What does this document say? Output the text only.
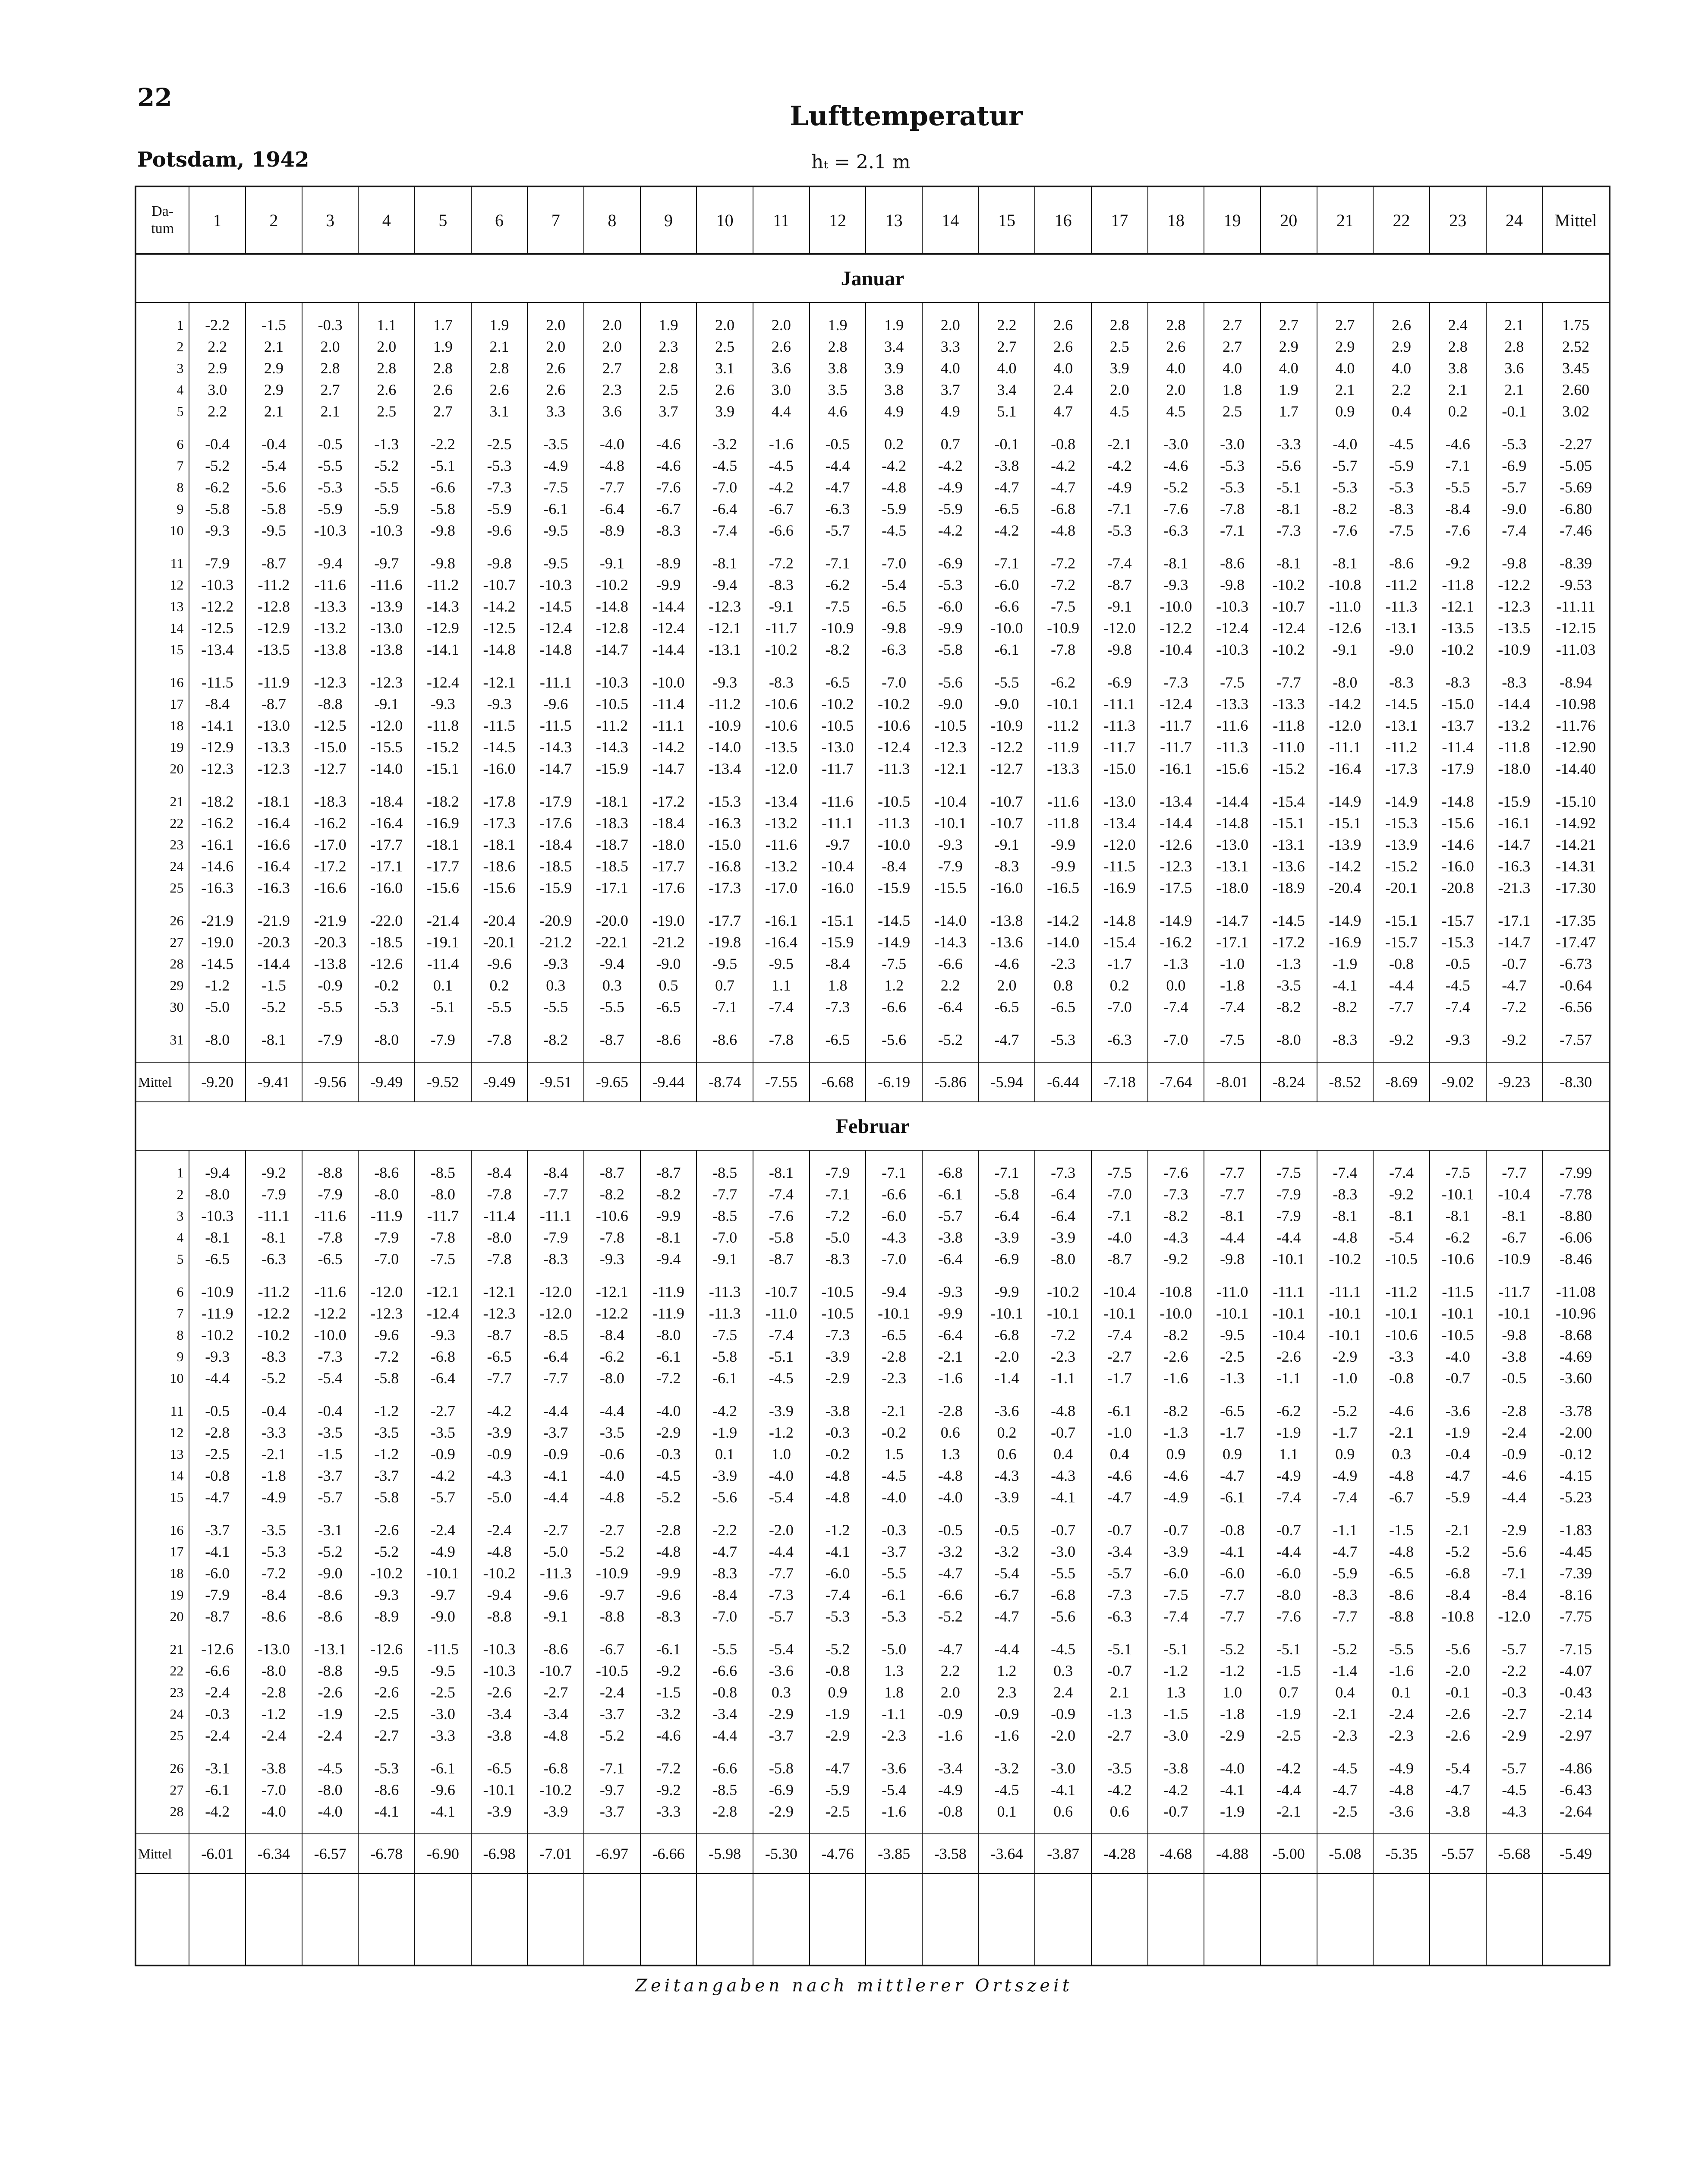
22
Lufttemperatur
Potsdam, 1942	hₜ = 2.1 m
Da-
tum	1	2	3	4	5	6	7	8	9	10	11	12	13	14	15	16	17	18	19	20	21	22	23	24	Mittel
Januar																									

1	-2.2	-1.5	-0.3	1.1	1.7	1.9	2.0	2.0	1.9	2.0	2.0	1.9	1.9	2.0	2.2	2.6	2.8	2.8	2.7	2.7	2.7	2.6	2.4	2.1	1.75
2	2.2	2.1	2.0	2.0	1.9	2.1	2.0	2.0	2.3	2.5	2.6	2.8	3.4	3.3	2.7	2.6	2.5	2.6	2.7	2.9	2.9	2.9	2.8	2.8	2.52
3	2.9	2.9	2.8	2.8	2.8	2.8	2.6	2.7	2.8	3.1	3.6	3.8	3.9	4.0	4.0	4.0	3.9	4.0	4.0	4.0	4.0	4.0	3.8	3.6	3.45
4	3.0	2.9	2.7	2.6	2.6	2.6	2.6	2.3	2.5	2.6	3.0	3.5	3.8	3.7	3.4	2.4	2.0	2.0	1.8	1.9	2.1	2.2	2.1	2.1	2.60
5	2.2	2.1	2.1	2.5	2.7	3.1	3.3	3.6	3.7	3.9	4.4	4.6	4.9	4.9	5.1	4.7	4.5	4.5	2.5	1.7	0.9	0.4	0.2	-0.1	3.02

6	-0.4	-0.4	-0.5	-1.3	-2.2	-2.5	-3.5	-4.0	-4.6	-3.2	-1.6	-0.5	0.2	0.7	-0.1	-0.8	-2.1	-3.0	-3.0	-3.3	-4.0	-4.5	-4.6	-5.3	-2.27
7	-5.2	-5.4	-5.5	-5.2	-5.1	-5.3	-4.9	-4.8	-4.6	-4.5	-4.5	-4.4	-4.2	-4.2	-3.8	-4.2	-4.2	-4.6	-5.3	-5.6	-5.7	-5.9	-7.1	-6.9	-5.05
8	-6.2	-5.6	-5.3	-5.5	-6.6	-7.3	-7.5	-7.7	-7.6	-7.0	-4.2	-4.7	-4.8	-4.9	-4.7	-4.7	-4.9	-5.2	-5.3	-5.1	-5.3	-5.3	-5.5	-5.7	-5.69
9	-5.8	-5.8	-5.9	-5.9	-5.8	-5.9	-6.1	-6.4	-6.7	-6.4	-6.7	-6.3	-5.9	-5.9	-6.5	-6.8	-7.1	-7.6	-7.8	-8.1	-8.2	-8.3	-8.4	-9.0	-6.80
10	-9.3	-9.5	-10.3	-10.3	-9.8	-9.6	-9.5	-8.9	-8.3	-7.4	-6.6	-5.7	-4.5	-4.2	-4.2	-4.8	-5.3	-6.3	-7.1	-7.3	-7.6	-7.5	-7.6	-7.4	-7.46

11	-7.9	-8.7	-9.4	-9.7	-9.8	-9.8	-9.5	-9.1	-8.9	-8.1	-7.2	-7.1	-7.0	-6.9	-7.1	-7.2	-7.4	-8.1	-8.6	-8.1	-8.1	-8.6	-9.2	-9.8	-8.39
12	-10.3	-11.2	-11.6	-11.6	-11.2	-10.7	-10.3	-10.2	-9.9	-9.4	-8.3	-6.2	-5.4	-5.3	-6.0	-7.2	-8.7	-9.3	-9.8	-10.2	-10.8	-11.2	-11.8	-12.2	-9.53
13	-12.2	-12.8	-13.3	-13.9	-14.3	-14.2	-14.5	-14.8	-14.4	-12.3	-9.1	-7.5	-6.5	-6.0	-6.6	-7.5	-9.1	-10.0	-10.3	-10.7	-11.0	-11.3	-12.1	-12.3	-11.11
14	-12.5	-12.9	-13.2	-13.0	-12.9	-12.5	-12.4	-12.8	-12.4	-12.1	-11.7	-10.9	-9.8	-9.9	-10.0	-10.9	-12.0	-12.2	-12.4	-12.4	-12.6	-13.1	-13.5	-13.5	-12.15
15	-13.4	-13.5	-13.8	-13.8	-14.1	-14.8	-14.8	-14.7	-14.4	-13.1	-10.2	-8.2	-6.3	-5.8	-6.1	-7.8	-9.8	-10.4	-10.3	-10.2	-9.1	-9.0	-10.2	-10.9	-11.03

16	-11.5	-11.9	-12.3	-12.3	-12.4	-12.1	-11.1	-10.3	-10.0	-9.3	-8.3	-6.5	-7.0	-5.6	-5.5	-6.2	-6.9	-7.3	-7.5	-7.7	-8.0	-8.3	-8.3	-8.3	-8.94
17	-8.4	-8.7	-8.8	-9.1	-9.3	-9.3	-9.6	-10.5	-11.4	-11.2	-10.6	-10.2	-10.2	-9.0	-9.0	-10.1	-11.1	-12.4	-13.3	-13.3	-14.2	-14.5	-15.0	-14.4	-10.98
18	-14.1	-13.0	-12.5	-12.0	-11.8	-11.5	-11.5	-11.2	-11.1	-10.9	-10.6	-10.5	-10.6	-10.5	-10.9	-11.2	-11.3	-11.7	-11.6	-11.8	-12.0	-13.1	-13.7	-13.2	-11.76
19	-12.9	-13.3	-15.0	-15.5	-15.2	-14.5	-14.3	-14.3	-14.2	-14.0	-13.5	-13.0	-12.4	-12.3	-12.2	-11.9	-11.7	-11.7	-11.3	-11.0	-11.1	-11.2	-11.4	-11.8	-12.90
20	-12.3	-12.3	-12.7	-14.0	-15.1	-16.0	-14.7	-15.9	-14.7	-13.4	-12.0	-11.7	-11.3	-12.1	-12.7	-13.3	-15.0	-16.1	-15.6	-15.2	-16.4	-17.3	-17.9	-18.0	-14.40

21	-18.2	-18.1	-18.3	-18.4	-18.2	-17.8	-17.9	-18.1	-17.2	-15.3	-13.4	-11.6	-10.5	-10.4	-10.7	-11.6	-13.0	-13.4	-14.4	-15.4	-14.9	-14.9	-14.8	-15.9	-15.10
22	-16.2	-16.4	-16.2	-16.4	-16.9	-17.3	-17.6	-18.3	-18.4	-16.3	-13.2	-11.1	-11.3	-10.1	-10.7	-11.8	-13.4	-14.4	-14.8	-15.1	-15.1	-15.3	-15.6	-16.1	-14.92
23	-16.1	-16.6	-17.0	-17.7	-18.1	-18.1	-18.4	-18.7	-18.0	-15.0	-11.6	-9.7	-10.0	-9.3	-9.1	-9.9	-12.0	-12.6	-13.0	-13.1	-13.9	-13.9	-14.6	-14.7	-14.21
24	-14.6	-16.4	-17.2	-17.1	-17.7	-18.6	-18.5	-18.5	-17.7	-16.8	-13.2	-10.4	-8.4	-7.9	-8.3	-9.9	-11.5	-12.3	-13.1	-13.6	-14.2	-15.2	-16.0	-16.3	-14.31
25	-16.3	-16.3	-16.6	-16.0	-15.6	-15.6	-15.9	-17.1	-17.6	-17.3	-17.0	-16.0	-15.9	-15.5	-16.0	-16.5	-16.9	-17.5	-18.0	-18.9	-20.4	-20.1	-20.8	-21.3	-17.30

26	-21.9	-21.9	-21.9	-22.0	-21.4	-20.4	-20.9	-20.0	-19.0	-17.7	-16.1	-15.1	-14.5	-14.0	-13.8	-14.2	-14.8	-14.9	-14.7	-14.5	-14.9	-15.1	-15.7	-17.1	-17.35
27	-19.0	-20.3	-20.3	-18.5	-19.1	-20.1	-21.2	-22.1	-21.2	-19.8	-16.4	-15.9	-14.9	-14.3	-13.6	-14.0	-15.4	-16.2	-17.1	-17.2	-16.9	-15.7	-15.3	-14.7	-17.47
28	-14.5	-14.4	-13.8	-12.6	-11.4	-9.6	-9.3	-9.4	-9.0	-9.5	-9.5	-8.4	-7.5	-6.6	-4.6	-2.3	-1.7	-1.3	-1.0	-1.3	-1.9	-0.8	-0.5	-0.7	-6.73
29	-1.2	-1.5	-0.9	-0.2	0.1	0.2	0.3	0.3	0.5	0.7	1.1	1.8	1.2	2.2	2.0	0.8	0.2	0.0	-1.8	-3.5	-4.1	-4.4	-4.5	-4.7	-0.64
30	-5.0	-5.2	-5.5	-5.3	-5.1	-5.5	-5.5	-5.5	-6.5	-7.1	-7.4	-7.3	-6.6	-6.4	-6.5	-6.5	-7.0	-7.4	-7.4	-8.2	-8.2	-7.7	-7.4	-7.2	-6.56

31	-8.0	-8.1	-7.9	-8.0	-7.9	-7.8	-8.2	-8.7	-8.6	-8.6	-7.8	-6.5	-5.6	-5.2	-4.7	-5.3	-6.3	-7.0	-7.5	-8.0	-8.3	-9.2	-9.3	-9.2	-7.57

Mittel	-9.20	-9.41	-9.56	-9.49	-9.52	-9.49	-9.51	-9.65	-9.44	-8.74	-7.55	-6.68	-6.19	-5.86	-5.94	-6.44	-7.18	-7.64	-8.01	-8.24	-8.52	-8.69	-9.02	-9.23	-8.30
Februar																									

1	-9.4	-9.2	-8.8	-8.6	-8.5	-8.4	-8.4	-8.7	-8.7	-8.5	-8.1	-7.9	-7.1	-6.8	-7.1	-7.3	-7.5	-7.6	-7.7	-7.5	-7.4	-7.4	-7.5	-7.7	-7.99
2	-8.0	-7.9	-7.9	-8.0	-8.0	-7.8	-7.7	-8.2	-8.2	-7.7	-7.4	-7.1	-6.6	-6.1	-5.8	-6.4	-7.0	-7.3	-7.7	-7.9	-8.3	-9.2	-10.1	-10.4	-7.78
3	-10.3	-11.1	-11.6	-11.9	-11.7	-11.4	-11.1	-10.6	-9.9	-8.5	-7.6	-7.2	-6.0	-5.7	-6.4	-6.4	-7.1	-8.2	-8.1	-7.9	-8.1	-8.1	-8.1	-8.1	-8.80
4	-8.1	-8.1	-7.8	-7.9	-7.8	-8.0	-7.9	-7.8	-8.1	-7.0	-5.8	-5.0	-4.3	-3.8	-3.9	-3.9	-4.0	-4.3	-4.4	-4.4	-4.8	-5.4	-6.2	-6.7	-6.06
5	-6.5	-6.3	-6.5	-7.0	-7.5	-7.8	-8.3	-9.3	-9.4	-9.1	-8.7	-8.3	-7.0	-6.4	-6.9	-8.0	-8.7	-9.2	-9.8	-10.1	-10.2	-10.5	-10.6	-10.9	-8.46

6	-10.9	-11.2	-11.6	-12.0	-12.1	-12.1	-12.0	-12.1	-11.9	-11.3	-10.7	-10.5	-9.4	-9.3	-9.9	-10.2	-10.4	-10.8	-11.0	-11.1	-11.1	-11.2	-11.5	-11.7	-11.08
7	-11.9	-12.2	-12.2	-12.3	-12.4	-12.3	-12.0	-12.2	-11.9	-11.3	-11.0	-10.5	-10.1	-9.9	-10.1	-10.1	-10.1	-10.0	-10.1	-10.1	-10.1	-10.1	-10.1	-10.1	-10.96
8	-10.2	-10.2	-10.0	-9.6	-9.3	-8.7	-8.5	-8.4	-8.0	-7.5	-7.4	-7.3	-6.5	-6.4	-6.8	-7.2	-7.4	-8.2	-9.5	-10.4	-10.1	-10.6	-10.5	-9.8	-8.68
9	-9.3	-8.3	-7.3	-7.2	-6.8	-6.5	-6.4	-6.2	-6.1	-5.8	-5.1	-3.9	-2.8	-2.1	-2.0	-2.3	-2.7	-2.6	-2.5	-2.6	-2.9	-3.3	-4.0	-3.8	-4.69
10	-4.4	-5.2	-5.4	-5.8	-6.4	-7.7	-7.7	-8.0	-7.2	-6.1	-4.5	-2.9	-2.3	-1.6	-1.4	-1.1	-1.7	-1.6	-1.3	-1.1	-1.0	-0.8	-0.7	-0.5	-3.60

11	-0.5	-0.4	-0.4	-1.2	-2.7	-4.2	-4.4	-4.4	-4.0	-4.2	-3.9	-3.8	-2.1	-2.8	-3.6	-4.8	-6.1	-8.2	-6.5	-6.2	-5.2	-4.6	-3.6	-2.8	-3.78
12	-2.8	-3.3	-3.5	-3.5	-3.5	-3.9	-3.7	-3.5	-2.9	-1.9	-1.2	-0.3	-0.2	0.6	0.2	-0.7	-1.0	-1.3	-1.7	-1.9	-1.7	-2.1	-1.9	-2.4	-2.00
13	-2.5	-2.1	-1.5	-1.2	-0.9	-0.9	-0.9	-0.6	-0.3	0.1	1.0	-0.2	1.5	1.3	0.6	0.4	0.4	0.9	0.9	1.1	0.9	0.3	-0.4	-0.9	-0.12
14	-0.8	-1.8	-3.7	-3.7	-4.2	-4.3	-4.1	-4.0	-4.5	-3.9	-4.0	-4.8	-4.5	-4.8	-4.3	-4.3	-4.6	-4.6	-4.7	-4.9	-4.9	-4.8	-4.7	-4.6	-4.15
15	-4.7	-4.9	-5.7	-5.8	-5.7	-5.0	-4.4	-4.8	-5.2	-5.6	-5.4	-4.8	-4.0	-4.0	-3.9	-4.1	-4.7	-4.9	-6.1	-7.4	-7.4	-6.7	-5.9	-4.4	-5.23

16	-3.7	-3.5	-3.1	-2.6	-2.4	-2.4	-2.7	-2.7	-2.8	-2.2	-2.0	-1.2	-0.3	-0.5	-0.5	-0.7	-0.7	-0.7	-0.8	-0.7	-1.1	-1.5	-2.1	-2.9	-1.83
17	-4.1	-5.3	-5.2	-5.2	-4.9	-4.8	-5.0	-5.2	-4.8	-4.7	-4.4	-4.1	-3.7	-3.2	-3.2	-3.0	-3.4	-3.9	-4.1	-4.4	-4.7	-4.8	-5.2	-5.6	-4.45
18	-6.0	-7.2	-9.0	-10.2	-10.1	-10.2	-11.3	-10.9	-9.9	-8.3	-7.7	-6.0	-5.5	-4.7	-5.4	-5.5	-5.7	-6.0	-6.0	-6.0	-5.9	-6.5	-6.8	-7.1	-7.39
19	-7.9	-8.4	-8.6	-9.3	-9.7	-9.4	-9.6	-9.7	-9.6	-8.4	-7.3	-7.4	-6.1	-6.6	-6.7	-6.8	-7.3	-7.5	-7.7	-8.0	-8.3	-8.6	-8.4	-8.4	-8.16
20	-8.7	-8.6	-8.6	-8.9	-9.0	-8.8	-9.1	-8.8	-8.3	-7.0	-5.7	-5.3	-5.3	-5.2	-4.7	-5.6	-6.3	-7.4	-7.7	-7.6	-7.7	-8.8	-10.8	-12.0	-7.75

21	-12.6	-13.0	-13.1	-12.6	-11.5	-10.3	-8.6	-6.7	-6.1	-5.5	-5.4	-5.2	-5.0	-4.7	-4.4	-4.5	-5.1	-5.1	-5.2	-5.1	-5.2	-5.5	-5.6	-5.7	-7.15
22	-6.6	-8.0	-8.8	-9.5	-9.5	-10.3	-10.7	-10.5	-9.2	-6.6	-3.6	-0.8	1.3	2.2	1.2	0.3	-0.7	-1.2	-1.2	-1.5	-1.4	-1.6	-2.0	-2.2	-4.07
23	-2.4	-2.8	-2.6	-2.6	-2.5	-2.6	-2.7	-2.4	-1.5	-0.8	0.3	0.9	1.8	2.0	2.3	2.4	2.1	1.3	1.0	0.7	0.4	0.1	-0.1	-0.3	-0.43
24	-0.3	-1.2	-1.9	-2.5	-3.0	-3.4	-3.4	-3.7	-3.2	-3.4	-2.9	-1.9	-1.1	-0.9	-0.9	-0.9	-1.3	-1.5	-1.8	-1.9	-2.1	-2.4	-2.6	-2.7	-2.14
25	-2.4	-2.4	-2.4	-2.7	-3.3	-3.8	-4.8	-5.2	-4.6	-4.4	-3.7	-2.9	-2.3	-1.6	-1.6	-2.0	-2.7	-3.0	-2.9	-2.5	-2.3	-2.3	-2.6	-2.9	-2.97

26	-3.1	-3.8	-4.5	-5.3	-6.1	-6.5	-6.8	-7.1	-7.2	-6.6	-5.8	-4.7	-3.6	-3.4	-3.2	-3.0	-3.5	-3.8	-4.0	-4.2	-4.5	-4.9	-5.4	-5.7	-4.86
27	-6.1	-7.0	-8.0	-8.6	-9.6	-10.1	-10.2	-9.7	-9.2	-8.5	-6.9	-5.9	-5.4	-4.9	-4.5	-4.1	-4.2	-4.2	-4.1	-4.4	-4.7	-4.8	-4.7	-4.5	-6.43
28	-4.2	-4.0	-4.0	-4.1	-4.1	-3.9	-3.9	-3.7	-3.3	-2.8	-2.9	-2.5	-1.6	-0.8	0.1	0.6	0.6	-0.7	-1.9	-2.1	-2.5	-3.6	-3.8	-4.3	-2.64

Mittel	-6.01	-6.34	-6.57	-6.78	-6.90	-6.98	-7.01	-6.97	-6.66	-5.98	-5.30	-4.76	-3.85	-3.58	-3.64	-3.87	-4.28	-4.68	-4.88	-5.00	-5.08	-5.35	-5.57	-5.68	-5.49

Zeitangaben nach mittlerer Ortszeit
